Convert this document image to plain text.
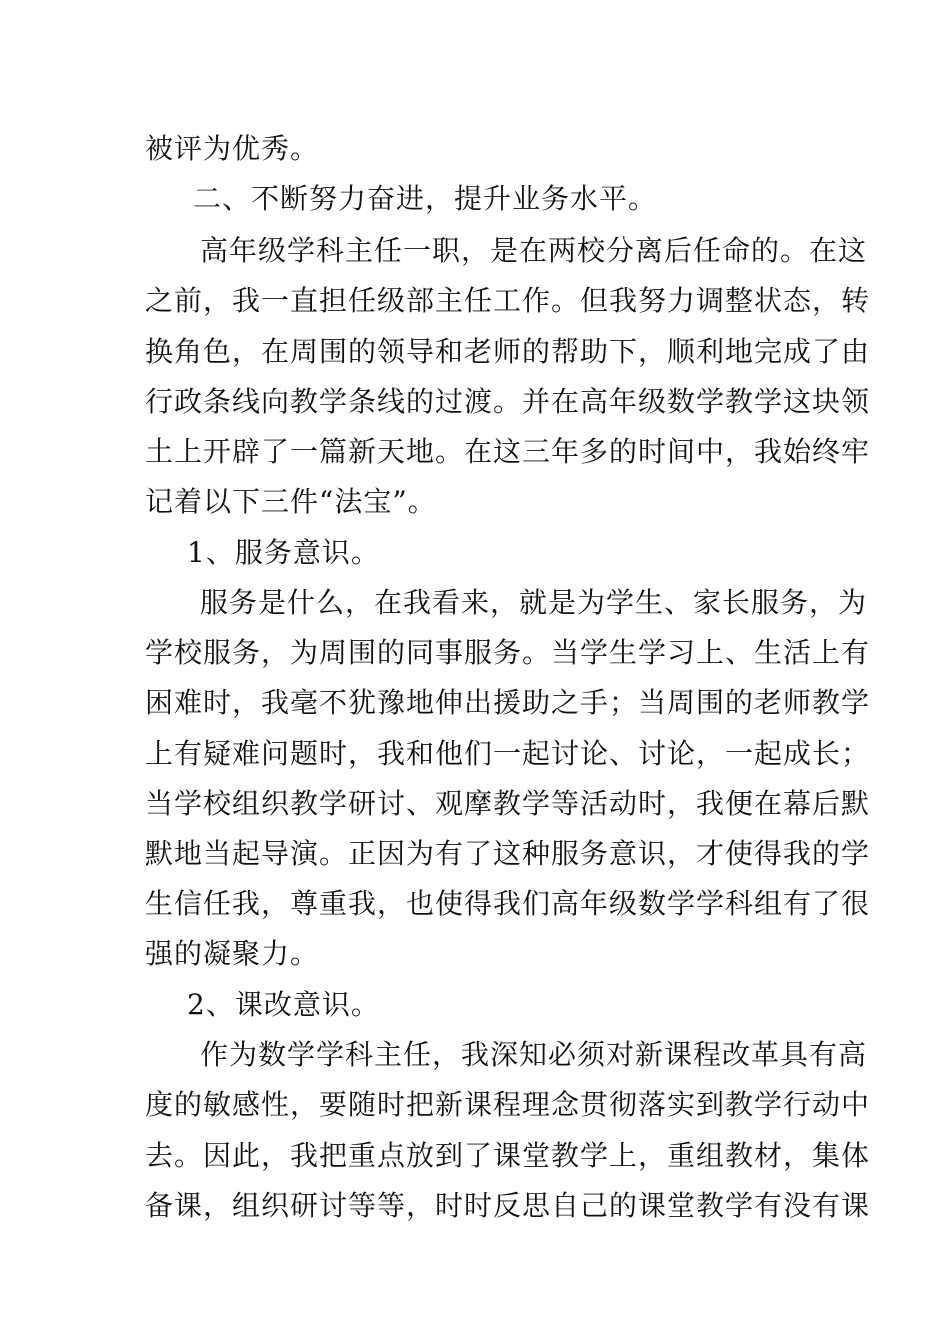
被评为优秀。
二、不断努力奋进，提升业务水平。
高年级学科主任一职，是在两校分离后任命的。在这
之前，我一直担任级部主任工作。但我努力调整状态，转
换角色，在周围的领导和老师的帮助下，顺利地完成了由
行政条线向教学条线的过渡。并在高年级数学教学这块领
土上开辟了一篇新天地。在这三年多的时间中，我始终牢
记着以下三件“法宝”。
1、服务意识。
服务是什么，在我看来，就是为学生、家长服务，为
学校服务，为周围的同事服务。当学生学习上、生活上有
困难时，我毫不犹豫地伸出援助之手；当周围的老师教学
上有疑难问题时，我和他们一起讨论、讨论，一起成长；
当学校组织教学研讨、观摩教学等活动时，我便在幕后默
默地当起导演。正因为有了这种服务意识，才使得我的学
生信任我，尊重我，也使得我们高年级数学学科组有了很
强的凝聚力。
2、课改意识。
作为数学学科主任，我深知必须对新课程改革具有高
度的敏感性，要随时把新课程理念贯彻落实到教学行动中
去。因此，我把重点放到了课堂教学上，重组教材，集体
备课，组织研讨等等，时时反思自己的课堂教学有没有课
